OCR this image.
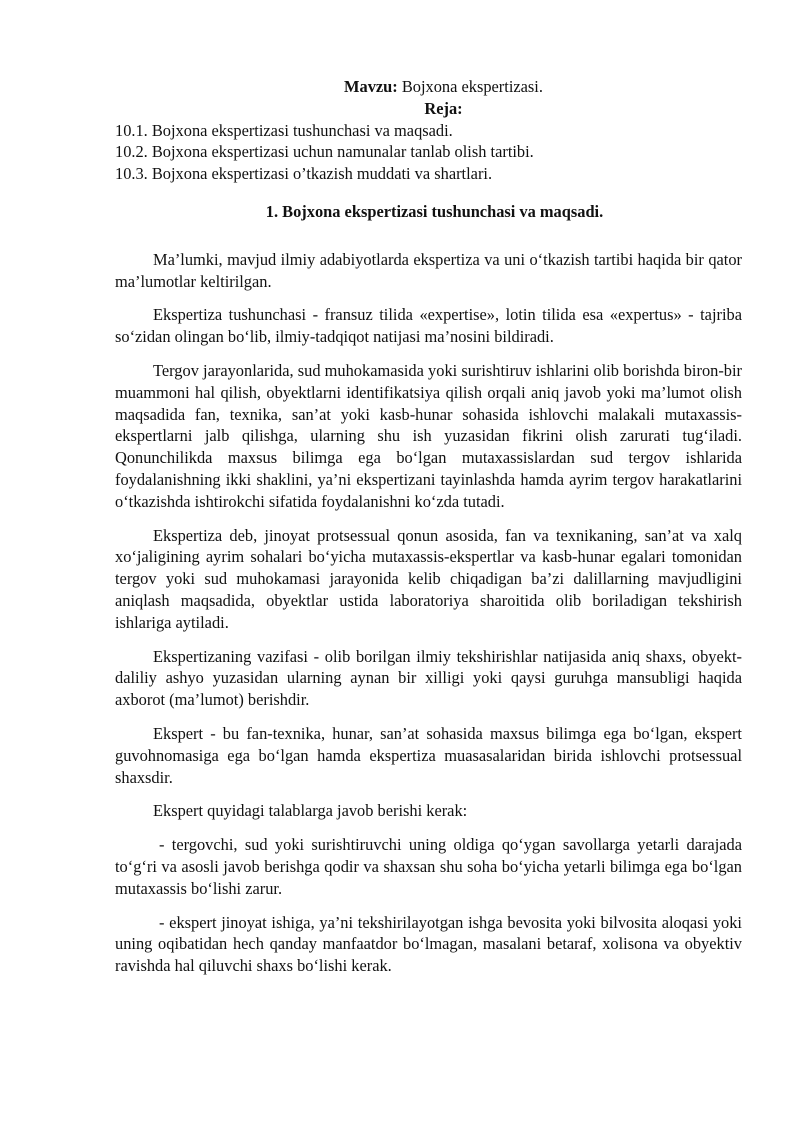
Mavzu: Bojxona ekspertizasi.
Reja:
10.1. Bojxona ekspertizasi tushunchasi va maqsadi.
10.2. Bojxona ekspertizasi uchun namunalar tanlab olish tartibi.
10.3. Bojxona ekspertizasi o’tkazish muddati va shartlari.
1. Bojxona ekspertizasi tushunchasi va maqsadi.

Ma’lumki, mavjud ilmiy adabiyotlarda ekspertiza va uni o‘tkazish tartibi haqida bir qator ma’lumotlar keltirilgan.

Ekspertiza tushunchasi - fransuz tilida «expertise», lotin tilida esa «expertus» - tajriba so‘zidan olingan bo‘lib, ilmiy-tadqiqot natijasi ma’nosini bildiradi.

Tergov jarayonlarida, sud muhokamasida yoki surishtiruv ishlarini olib borishda biron-bir muammoni hal qilish, obyektlarni identifikatsiya qilish orqali aniq javob yoki ma’lumot olish maqsadida fan, texnika, san’at yoki kasb-hunar sohasida ishlovchi malakali mutaxassis-ekspertlarni jalb qilishga, ularning shu ish yuzasidan fikrini olish zarurati tug‘iladi. Qonunchilikda maxsus bilimga ega bo‘lgan mutaxassislardan sud tergov ishlarida foydalanishning ikki shaklini, ya’ni ekspertizani tayinlashda hamda ayrim tergov harakatlarini o‘tkazishda ishtirokchi sifatida foydalanishni ko‘zda tutadi.

Ekspertiza deb, jinoyat protsessual qonun asosida, fan va texnikaning, san’at va xalq xo‘jaligining ayrim sohalari bo‘yicha mutaxassis-ekspertlar va kasb-hunar egalari tomonidan tergov yoki sud muhokamasi jarayonida kelib chiqadigan ba’zi dalillarning mavjudligini aniqlash maqsadida, obyektlar ustida laboratoriya sharoitida olib boriladigan tekshirish ishlariga aytiladi.

Ekspertizaning vazifasi - olib borilgan ilmiy tekshirishlar natijasida aniq shaxs, obyekt-daliliy ashyo yuzasidan ularning aynan bir xilligi yoki qaysi guruhga mansubligi haqida axborot (ma’lumot) berishdir.

Ekspert - bu fan-texnika, hunar, san’at sohasida maxsus bilimga ega bo‘lgan, ekspert guvohnomasiga ega bo‘lgan hamda ekspertiza muasasalaridan birida ishlovchi protsessual shaxsdir.

Ekspert quyidagi talablarga javob berishi kerak:

- tergovchi, sud yoki surishtiruvchi uning oldiga qo‘ygan savollarga yetarli darajada to‘g‘ri va asosli javob berishga qodir va shaxsan shu soha bo‘yicha yetarli bilimga ega bo‘lgan mutaxassis bo‘lishi zarur.

- ekspert jinoyat ishiga, ya’ni tekshirilayotgan ishga bevosita yoki bilvosita aloqasi yoki uning oqibatidan hech qanday manfaatdor bo‘lmagan, masalani betaraf, xolisona va obyektiv ravishda hal qiluvchi shaxs bo‘lishi kerak.
